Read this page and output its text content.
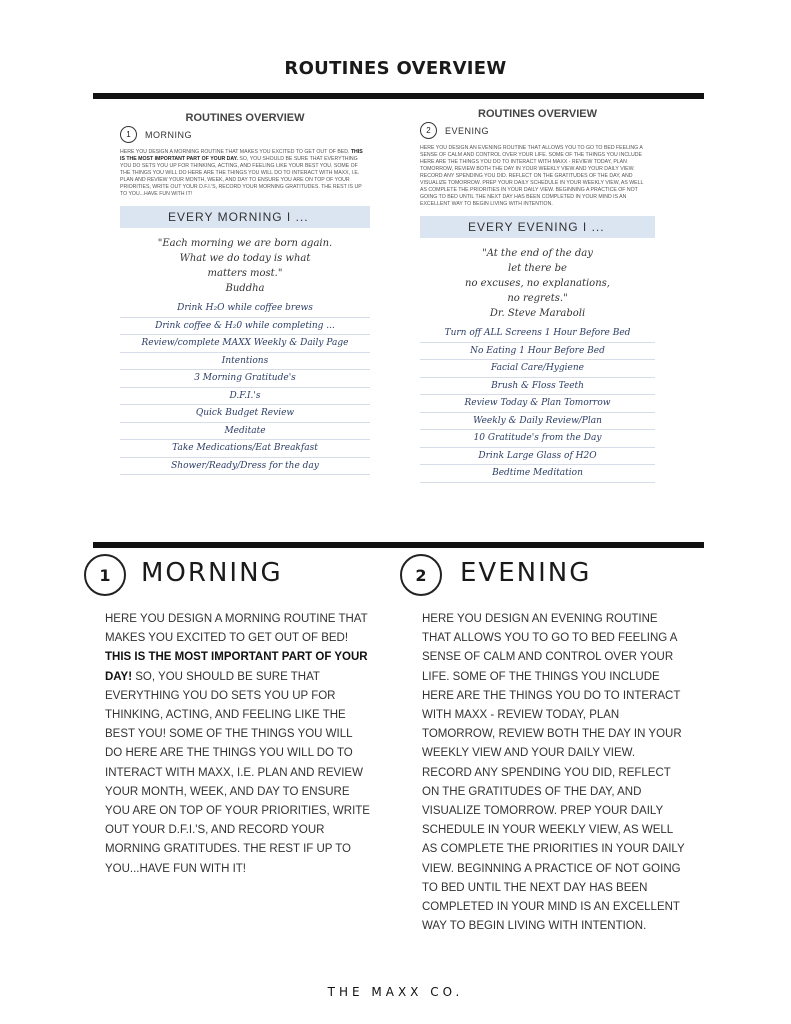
ROUTINES OVERVIEW
ROUTINES OVERVIEW
1	MORNING
HERE YOU DESIGN A MORNING ROUTINE THAT MAKES YOU EXCITED TO GET OUT OF BED. THIS IS THE MOST IMPORTANT PART OF YOUR DAY. SO, YOU SHOULD BE SURE THAT EVERYTHING YOU DO SETS YOU UP FOR THINKING, ACTING, AND FEELING LIKE YOUR BEST YOU. SOME OF THE THINGS YOU WILL DO HERE ARE THE THINGS YOU WILL DO TO INTERACT WITH MAXX, I.E. PLAN AND REVIEW YOUR MONTH, WEEK, AND DAY TO ENSURE YOU ARE ON TOP OF YOUR PRIORITIES, WRITE OUT YOUR D.F.I.'S, RECORD YOUR MORNING GRATITUDES. THE REST IS UP TO YOU...HAVE FUN WITH IT!
EVERY MORNING I ...
"Each morning we are born again.
What we do today is what
matters most."
Buddha
Drink H₂O while coffee brews
Drink coffee & H₂0 while completing ...
Review/complete MAXX Weekly & Daily Page
Intentions
3 Morning Gratitude's
D.F.I.'s
Quick Budget Review
Meditate
Take Medications/Eat Breakfast
Shower/Ready/Dress for the day
ROUTINES OVERVIEW
2	EVENING
HERE YOU DESIGN AN EVENING ROUTINE THAT ALLOWS YOU TO GO TO BED FEELING A SENSE OF CALM AND CONTROL OVER YOUR LIFE. SOME OF THE THINGS YOU INCLUDE HERE ARE THE THINGS YOU DO TO INTERACT WITH MAXX - REVIEW TODAY, PLAN TOMORROW, REVIEW BOTH THE DAY IN YOUR WEEKLY VIEW AND YOUR DAILY VIEW. RECORD ANY SPENDING YOU DID. REFLECT ON THE GRATITUDES OF THE DAY, AND VISUALIZE TOMORROW. PREP YOUR DAILY SCHEDULE IN YOUR WEEKLY VIEW, AS WELL AS COMPLETE THE PRIORITIES IN YOUR DAILY VIEW. BEGINNING A PRACTICE OF NOT GOING TO BED UNTIL THE NEXT DAY HAS BEEN COMPLETED IN YOUR MIND IS AN EXCELLENT WAY TO BEGIN LIVING WITH INTENTION.
EVERY EVENING I ...
"At the end of the day
let there be
no excuses, no explanations,
no regrets."
Dr. Steve Maraboli
Turn off ALL Screens 1 Hour Before Bed
No Eating 1 Hour Before Bed
Facial Care/Hygiene
Brush & Floss Teeth
Review Today & Plan Tomorrow
Weekly & Daily Review/Plan
10 Gratitude's from the Day
Drink Large Glass of H2O
Bedtime Meditation
1	MORNING
HERE YOU DESIGN A MORNING ROUTINE THAT MAKES YOU EXCITED TO GET OUT OF BED! THIS IS THE MOST IMPORTANT PART OF YOUR DAY! SO, YOU SHOULD BE SURE THAT EVERYTHING YOU DO SETS YOU UP FOR THINKING, ACTING, AND FEELING LIKE THE BEST YOU! SOME OF THE THINGS YOU WILL DO HERE ARE THE THINGS YOU WILL DO TO INTERACT WITH MAXX, I.E. PLAN AND REVIEW YOUR MONTH, WEEK, AND DAY TO ENSURE YOU ARE ON TOP OF YOUR PRIORITIES, WRITE OUT YOUR D.F.I.'S, AND RECORD YOUR MORNING GRATITUDES. THE REST IF UP TO YOU...HAVE FUN WITH IT!
2	EVENING
HERE YOU DESIGN AN EVENING ROUTINE THAT ALLOWS YOU TO GO TO BED FEELING A SENSE OF CALM AND CONTROL OVER YOUR LIFE. SOME OF THE THINGS YOU INCLUDE HERE ARE THE THINGS YOU DO TO INTERACT WITH MAXX - REVIEW TODAY, PLAN TOMORROW, REVIEW BOTH THE DAY IN YOUR WEEKLY VIEW AND YOUR DAILY VIEW. RECORD ANY SPENDING YOU DID, REFLECT ON THE GRATITUDES OF THE DAY, AND VISUALIZE TOMORROW. PREP YOUR DAILY SCHEDULE IN YOUR WEEKLY VIEW, AS WELL AS COMPLETE THE PRIORITIES IN YOUR DAILY VIEW. BEGINNING A PRACTICE OF NOT GOING TO BED UNTIL THE NEXT DAY HAS BEEN COMPLETED IN YOUR MIND IS AN EXCELLENT WAY TO BEGIN LIVING WITH INTENTION.
THE MAXX CO.
